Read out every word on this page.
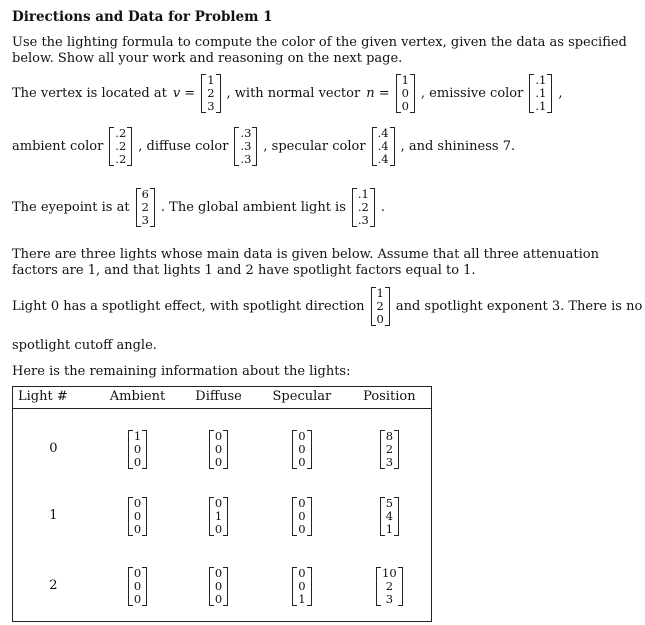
Directions and Data for Problem 1
Use the lighting formula to compute the color of the given vertex, given the data as specified below. Show all your work and reasoning on the next page.
The vertex is located at v =
1
2
3
, with normal vector n =
1
0
0
, emissive color
.1
.1
.1
,
ambient color
.2
.2
.2
, diffuse color
.3
.3
.3
, specular color
.4
.4
.4
, and shininess 7.
The eyepoint is at
6
2
3
. The global ambient light is
.1
.2
.3
.
There are three lights whose main data is given below. Assume that all three attenuation factors are 1, and that lights 1 and 2 have spotlight factors equal to 1.
Light 0 has a spotlight effect, with spotlight direction
1
2
0
and spotlight exponent 3. There is no
spotlight cutoff angle.
Here is the remaining information about the lights:
Light #	Ambient	Diffuse	Specular	Position
0	1
0
0	0
0
0	0
0
0	8
2
3

1	0
0
0	0
1
0	0
0
0	5
4
1

2	0
0
0	0
0
0	0
0
1	10
2
3
